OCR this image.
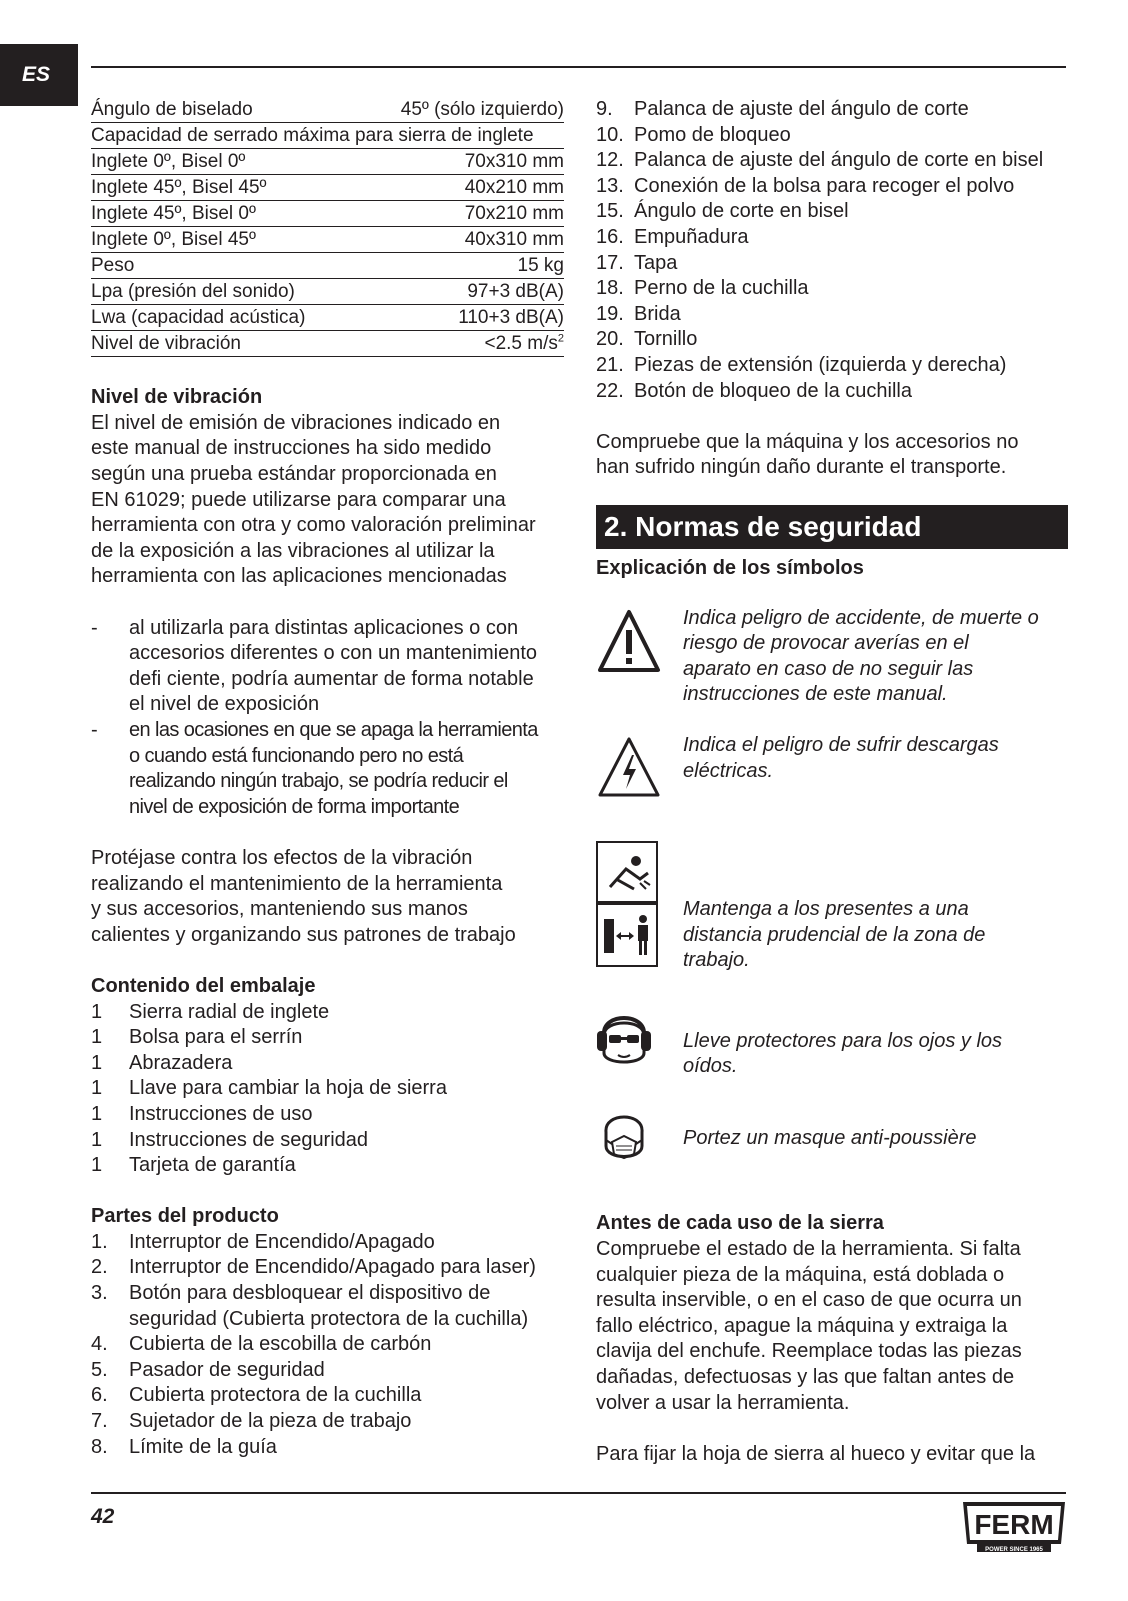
ES
Ángulo de biselado	45º (sólo izquierdo)
Capacidad de serrado máxima para sierra de inglete	
Inglete 0º, Bisel 0º	70x310 mm
Inglete 45º, Bisel 45º	40x210 mm
Inglete 45º, Bisel 0º	70x210 mm
Inglete 0º, Bisel 45º	40x310 mm
Peso	15 kg
Lpa (presión del sonido)	97+3 dB(A)
Lwa (capacidad acústica)	110+3 dB(A)
Nivel de vibración	<2.5 $m/s^2$
Nivel de vibración

El nivel de emisión de vibraciones indicado en

este manual de instrucciones ha sido medido

según una prueba estándar proporcionada en

EN 61029; puede utilizarse para comparar una

herramienta con otra y como valoración preliminar

de la exposición a las vibraciones al utilizar la

herramienta con las aplicaciones mencionadas

-	al utilizarla para distintas aplicaciones o con

accesorios diferentes o con un mantenimiento

defi ciente, podría aumentar de forma notable

el nivel de exposición

-	en las ocasiones en que se apaga la herramienta

o cuando está funcionando pero no está

realizando ningún trabajo, se podría reducir el

nivel de exposición de forma importante

Protéjase contra los efectos de la vibración

realizando el mantenimiento de la herramienta

y sus accesorios, manteniendo sus manos

calientes y organizando sus patrones de trabajo

Contenido del embalaje
1	Sierra radial de inglete
1	Bolsa para el serrín
1	Abrazadera
1	Llave para cambiar la hoja de sierra
1	Instrucciones de uso
1	Instrucciones de seguridad
1	Tarjeta de garantía
Partes del producto
1.	Interruptor de Encendido/Apagado
2.	Interruptor de Encendido/Apagado para laser)
3.	Botón para desbloquear el dispositivo de

seguridad (Cubierta protectora de la cuchilla)

4.	Cubierta de la escobilla de carbón
5.	Pasador de seguridad
6.	Cubierta protectora de la cuchilla
7.	Sujetador de la pieza de trabajo
8.	Límite de la guía
9.	Palanca de ajuste del ángulo de corte
10. Pomo de bloqueo
12. Palanca de ajuste del ángulo de corte en bisel
13. Conexión de la bolsa para recoger el polvo
15. Ángulo de corte en bisel
16. Empuñadura
17. Tapa
18. Perno de la cuchilla
19. Brida
20. Tornillo
21. Piezas de extensión (izquierda y derecha)
22. Botón de bloqueo de la cuchilla

Compruebe que la máquina y los accesorios no

han sufrido ningún daño durante el transporte.

2. Normas de seguridad
Explicación de los símbolos

Indica peligro de accidente, de muerte o

riesgo de provocar averías en el

aparato en caso de no seguir las

instrucciones de este manual.

Indica el peligro de sufrir descargas

eléctricas.

Mantenga a los presentes a una

distancia prudencial de la zona de

trabajo.

Lleve protectores para los ojos y los

oídos.

Portez un masque anti-poussière

Antes de cada uso de la sierra

Compruebe el estado de la herramienta. Si falta

cualquier pieza de la máquina, está doblada o

resulta inservible, o en el caso de que ocurra un

fallo eléctrico, apague la máquina y extraiga la

clavija del enchufe. Reemplace todas las piezas

dañadas, defectuosas y las que faltan antes de

volver a usar la herramienta.

Para fijar la hoja de sierra al hueco y evitar que la

42	FERM
POWER SINCE 1965
